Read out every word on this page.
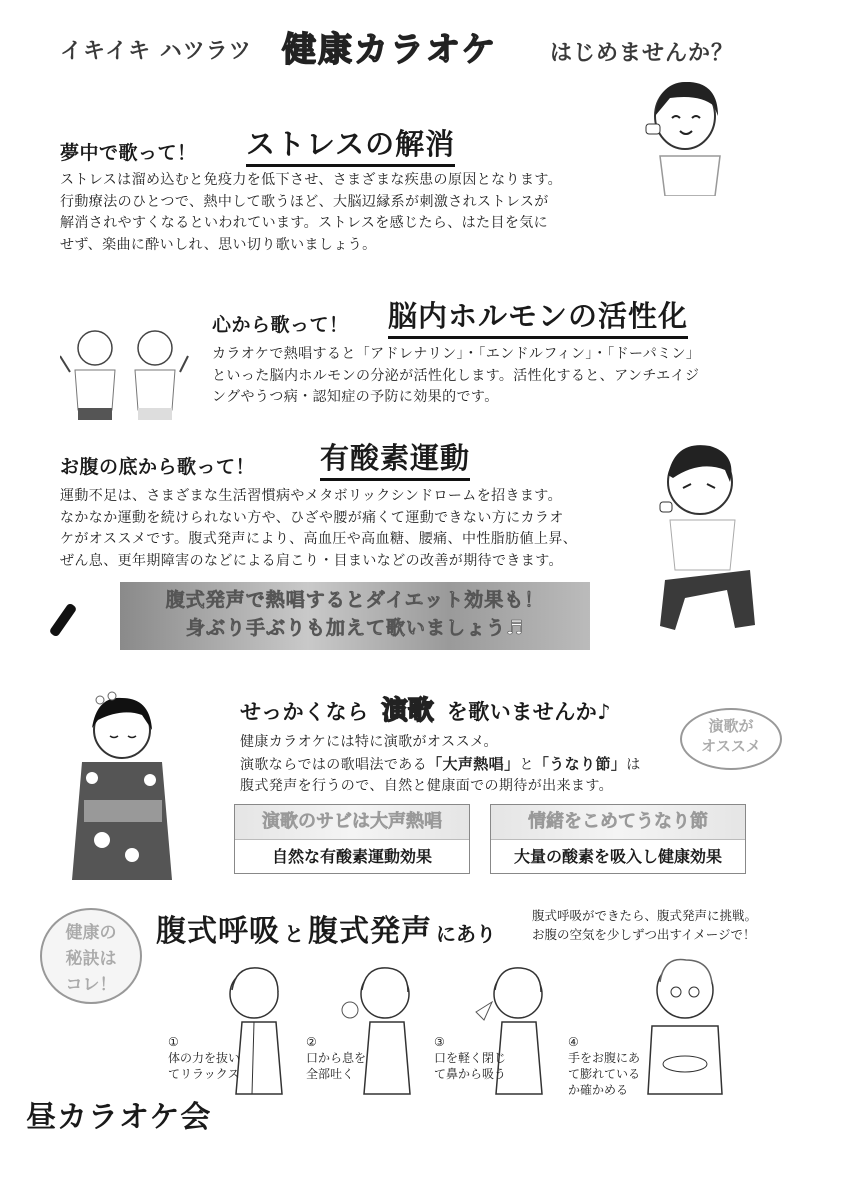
イキイキ ハツラツ 健康カラオケ はじめませんか？
夢中で歌って！ ストレスの解消
ストレスは溜め込むと免疫力を低下させ、さまざまな疾患の原因となります。
行動療法のひとつで、熱中して歌うほど、大脳辺縁系が刺激されストレスが
解消されやすくなるといわれています。ストレスを感じたら、はた目を気に
せず、楽曲に酔いしれ、思い切り歌いましょう。
心から歌って！ 脳内ホルモンの活性化
カラオケで熱唱すると「アドレナリン」・「エンドルフィン」・「ドーパミン」
といった脳内ホルモンの分泌が活性化します。活性化すると、アンチエイジ
ングやうつ病・認知症の予防に効果的です。
お腹の底から歌って！ 有酸素運動
運動不足は、さまざまな生活習慣病やメタボリックシンドロームを招きます。
なかなか運動を続けられない方や、ひざや腰が痛くて運動できない方にカラオ
ケがオススメです。腹式発声により、高血圧や高血糖、腰痛、中性脂肪値上昇、
ぜん息、更年期障害のなどによる肩こり・目まいなどの改善が期待できます。
腹式発声で熱唱するとダイエット効果も！
身ぶり手ぶりも加えて歌いましょう♬
せっかくなら 演歌 を歌いませんか♪
健康カラオケには特に演歌がオススメ。
演歌ならではの歌唱法である「大声熱唱」と「うなり節」は
腹式発声を行うので、自然と健康面での期待が出来ます。
演歌が
オススメ
演歌のサビは大声熱唱
自然な有酸素運動効果
情緒をこめてうなり節
大量の酸素を吸入し健康効果
健康の
秘訣は
コレ！
腹式呼吸 と 腹式発声 にあり
腹式呼吸ができたら、腹式発声に挑戦。
お腹の空気を少しずつ出すイメージで！
①
体の力を抜い
てリラックス
②
口から息を
全部吐く
③
口を軽く閉じ
て鼻から吸う
④
手をお腹にあ
て膨れている
か確かめる
昼カラオケ会
